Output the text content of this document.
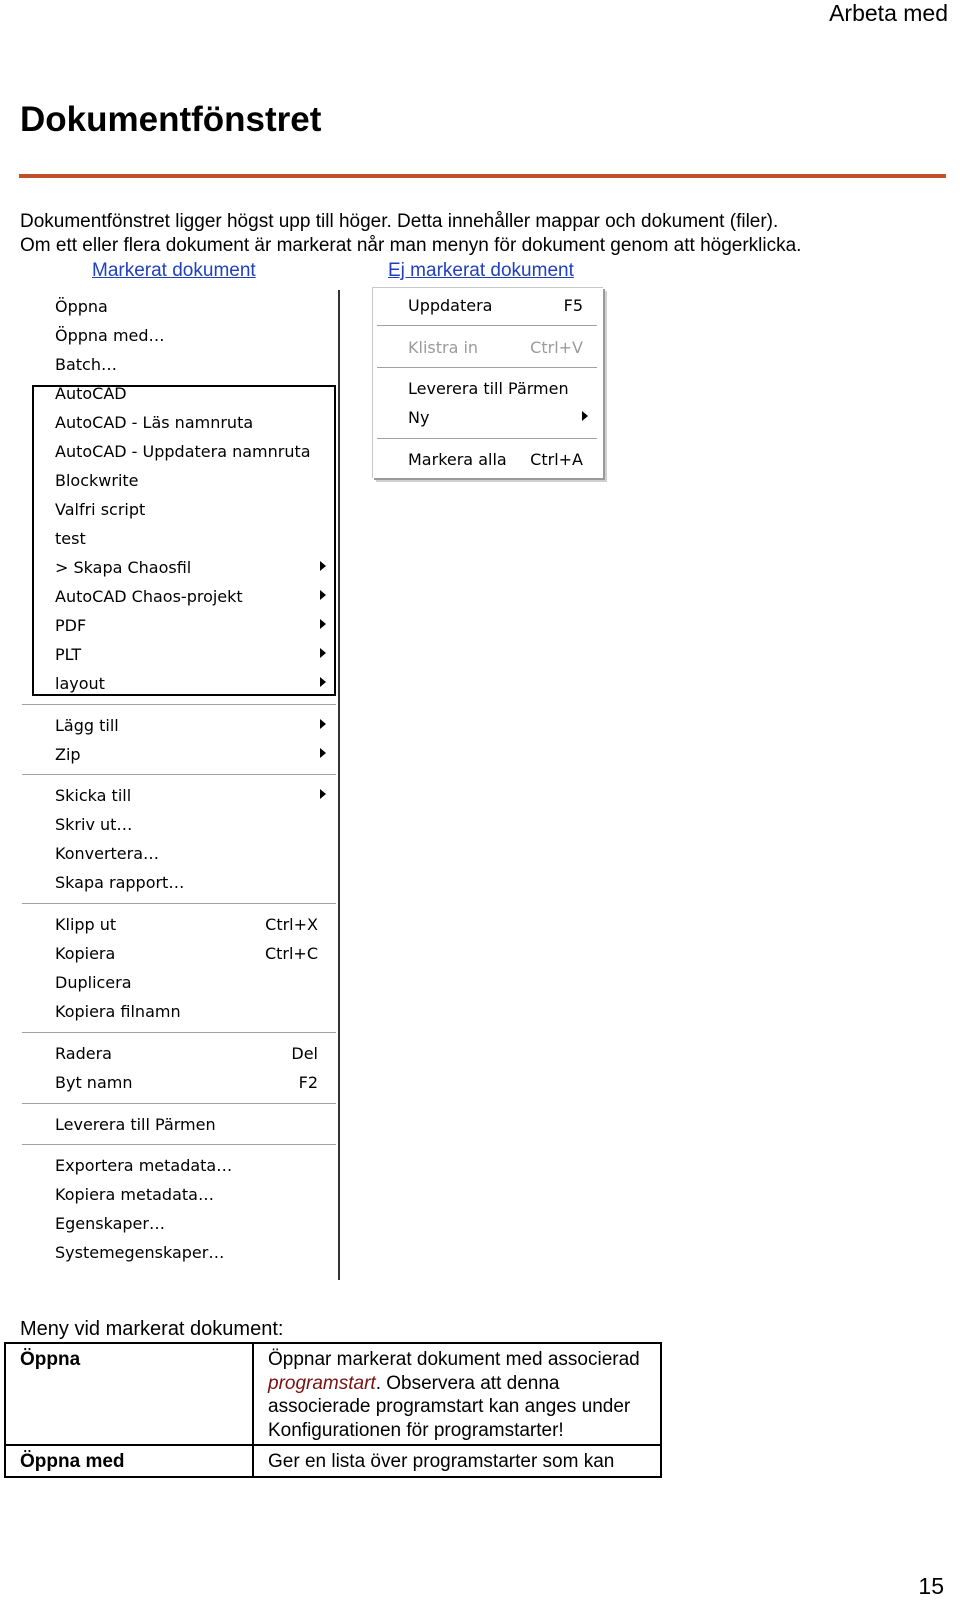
Arbeta med
Dokumentfönstret
Dokumentfönstret ligger högst upp till höger. Detta innehåller mappar och dokument (filer).
Om ett eller flera dokument är markerat når man menyn för dokument genom att högerklicka.
Markerat dokument	Ej markerat dokument
Öppna
Öppna med…
Batch…
AutoCAD
AutoCAD - Läs namnruta
AutoCAD - Uppdatera namnruta
Blockwrite
Valfri script
test
> Skapa Chaosfil
AutoCAD Chaos-projekt
PDF
PLT
layout
Lägg till
Zip
Skicka till
Skriv ut…
Konvertera…
Skapa rapport…
Klipp ut	Ctrl+X
Kopiera	Ctrl+C
Duplicera
Kopiera filnamn
Radera	Del
Byt namn	F2
Leverera till Pärmen
Exportera metadata…
Kopiera metadata…
Egenskaper…
Systemegenskaper…
Uppdatera	F5
Klistra in	Ctrl+V
Leverera till Pärmen
Ny
Markera alla Ctrl+A
Meny vid markerat dokument:
Öppna	Öppnar markerat dokument med associerad programstart. Observera att denna associerade programstart kan anges under Konfigurationen för programstarter!
Öppna med	Ger en lista över programstarter som kan
15
